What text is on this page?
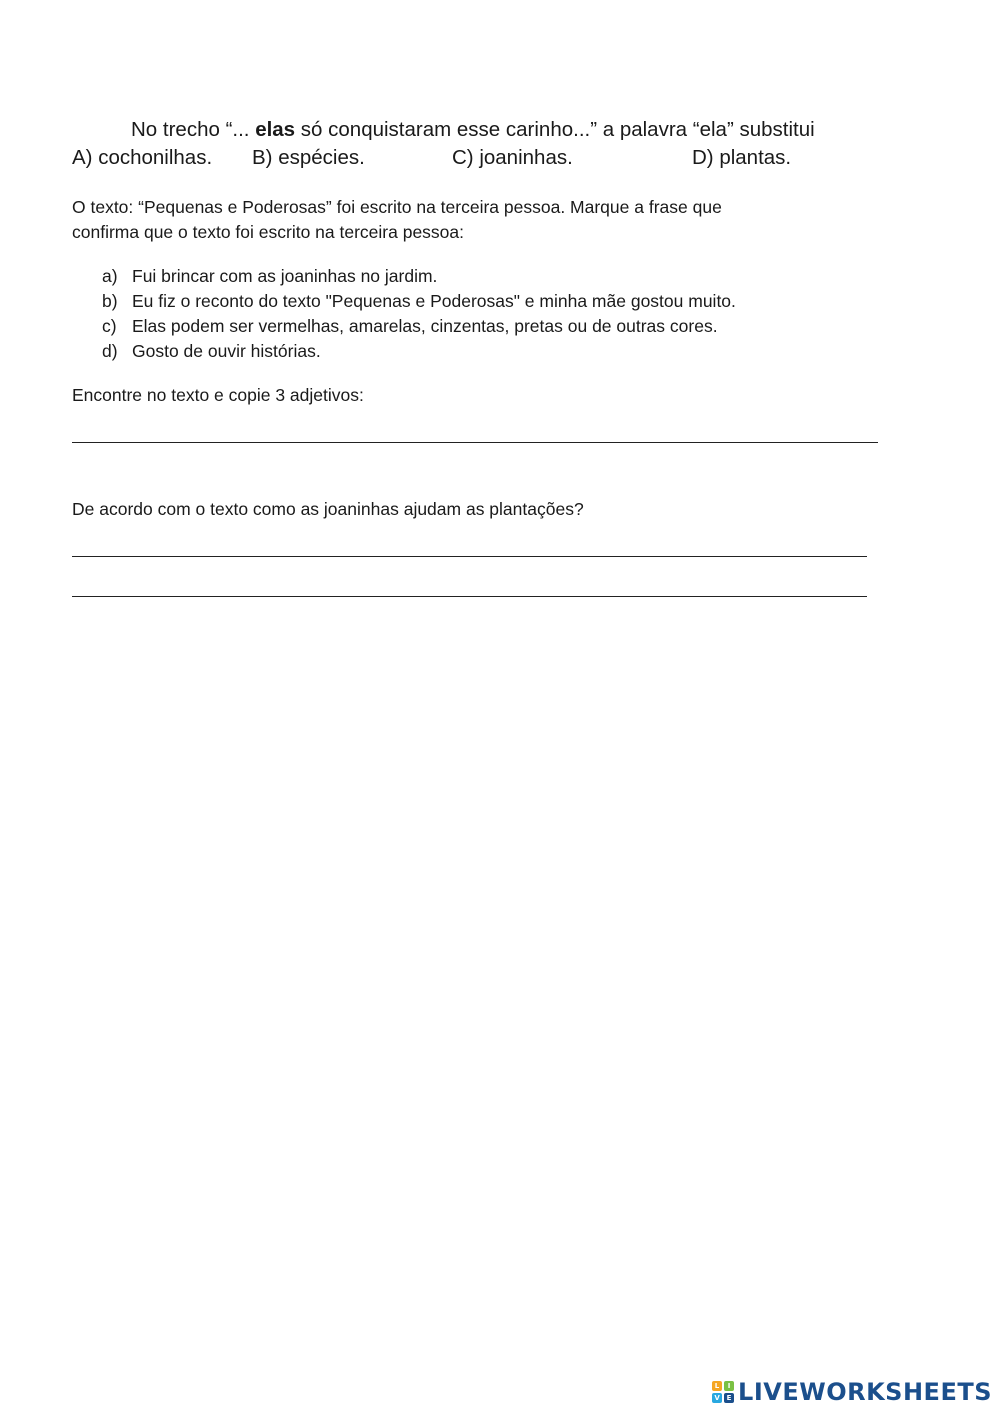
No trecho “... elas só conquistaram esse carinho...” a palavra “ela” substitui
A) cochonilhas. B) espécies.	C) joaninhas.	D) plantas.
O texto: “Pequenas e Poderosas” foi escrito na terceira pessoa. Marque a frase que
confirma que o texto foi escrito na terceira pessoa:
a) Fui brincar com as joaninhas no jardim.
b) Eu fiz o reconto do texto "Pequenas e Poderosas" e minha mãe gostou muito.
c) Elas podem ser vermelhas, amarelas, cinzentas, pretas ou de outras cores.
d) Gosto de ouvir histórias.
Encontre no texto e copie 3 adjetivos:
De acordo com o texto como as joaninhas ajudam as plantações?
L	I
V E LIVEWORKSHEETS
